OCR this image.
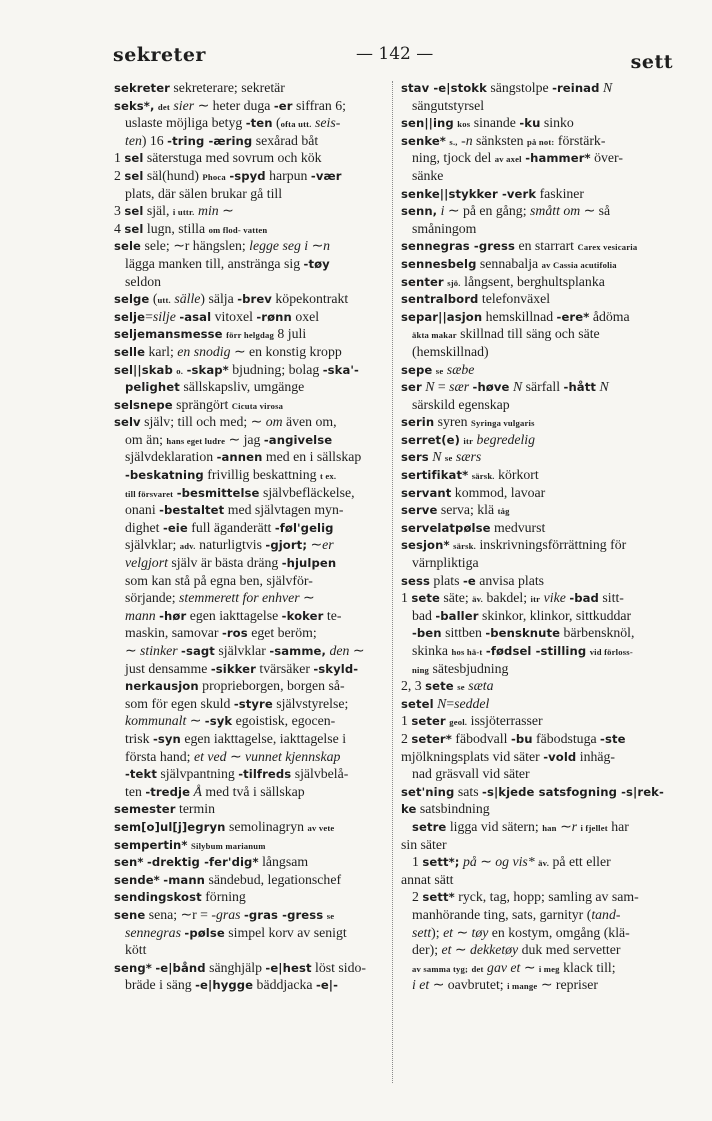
sekreter	— 142 —	sett
sekreter sekreterare; sekretär
seks*, det sier ∼ heter duga -er siffran 6;
uslaste möjliga betyg -ten (ofta utt. seis-
ten) 16 -tring -æring sexårad båt
1 sel säterstuga med sovrum och kök
2 sel säl(hund) Phoca -spyd harpun -vær
plats, där sälen brukar gå till
3 sel själ, i uttr. min ∼
4 sel lugn, stilla om flod- vatten
sele sele; ∼r hängslen; legge seg i ∼n
lägga manken till, anstränga sig -tøy
seldon
selge (utt. sälle) sälja -brev köpekontrakt
selje=silje -asal vitoxel -rønn oxel
seljemansmesse förr helgdag 8 juli
selle karl; en snodig ∼ en konstig kropp
sel||skab o. -skap* bjudning; bolag -ska'-
pelighet sällskapsliv, umgänge
selsnepe sprängört Cicuta virosa
selv själv; till och med; ∼ om även om,
om än; hans eget ludre ∼ jag -angivelse
självdeklaration -annen med en i sällskap
-beskatning frivillig beskattning t ex.
till försvaret -besmittelse självbefläckelse,
onani -bestaltet med självtagen myn-
dighet -eie full äganderätt -føl'gelig
självklar; adv. naturligtvis -gjort; ∼er
velgjort själv är bästa dräng -hjulpen
som kan stå på egna ben, självför-
sörjande; stemmerett for enhver ∼
mann -hør egen iakttagelse -koker te-
maskin, samovar -ros eget beröm;
∼ stinker -sagt självklar -samme, den ∼
just densamme -sikker tvärsäker -skyld-
nerkausjon proprieborgen, borgen så-
som för egen skuld -styre självstyrelse;
kommunalt ∼ -syk egoistisk, egocen-
trisk -syn egen iakttagelse, iakttagelse i
första hand; et ved ∼ vunnet kjennskap
-tekt självpantning -tilfreds självbelå-
ten -tredje Å med två i sällskap
semester termin
sem[o]ul[j]egryn semolinagryn av vete
sempertin* Silybum marianum
sen* -drektig -fer'dig* långsam
sende* -mann sändebud, legationschef
sendingskost förning
sene sena; ∼r = -gras -gras -gress se
sennegras -pølse simpel korv av senigt
kött
seng* -e|bånd sänghjälp -e|hest löst sido-
bräde i säng -e|hygge bäddjacka -e|-
stav -e|stokk sängstolpe -reinad N
sängutstyrsel
sen||ing kos sinande -ku sinko
senke* s., -n sänksten på not: förstärk-
ning, tjock del av axel -hammer* över-
sänke
senke||stykker -verk faskiner
senn, i ∼ på en gång; smått om ∼ så
småningom
sennegras -gress en starrart Carex vesicaria
sennesbelg sennabalja av Cassia acutifolia
senter sjö. långsent, berghultsplanka
sentralbord telefonväxel
separ||asjon hemskillnad -ere* ådöma
äkta makar skillnad till säng och säte
(hemskillnad)
sepe se sæbe
ser N = sær -høve N särfall -hått N
särskild egenskap
serin syren Syringa vulgaris
serret(e) itr begredelig
sers N se særs
sertifikat* särsk. körkort
servant kommod, lavoar
serve serva; klä tåg
servelatpølse medvurst
sesjon* särsk. inskrivningsförrättning för
värnpliktiga
sess plats -e anvisa plats
1 sete säte; äv. bakdel; itr vike -bad sitt-
bad -baller skinkor, klinkor, sittkuddar
-ben sittben -bensknute bärbensknöl,
skinka hos hä-t -fødsel -stilling vid förloss-
ning sätesbjudning
2, 3 sete se sæta
setel N=seddel
1 seter geol. issjöterrasser
2 seter* fäbodvall -bu fäbodstuga -ste
mjölkningsplats vid säter -vold inhäg-
nad gräsvall vid säter
set'ning sats -s|kjede satsfogning -s|rek-
ke satsbindning
setre ligga vid sätern; han ∼r i fjellet har
sin säter
1 sett*; på ∼ og vis* äv. på ett eller
annat sätt
2 sett* ryck, tag, hopp; samling av sam-
manhörande ting, sats, garnityr (tand-
sett); et ∼ tøy en kostym, omgång (klä-
der); et ∼ dekketøy duk med servetter
av samma tyg; det gav et ∼ i meg klack till;
i et ∼ oavbrutet; i mange ∼ repriser
